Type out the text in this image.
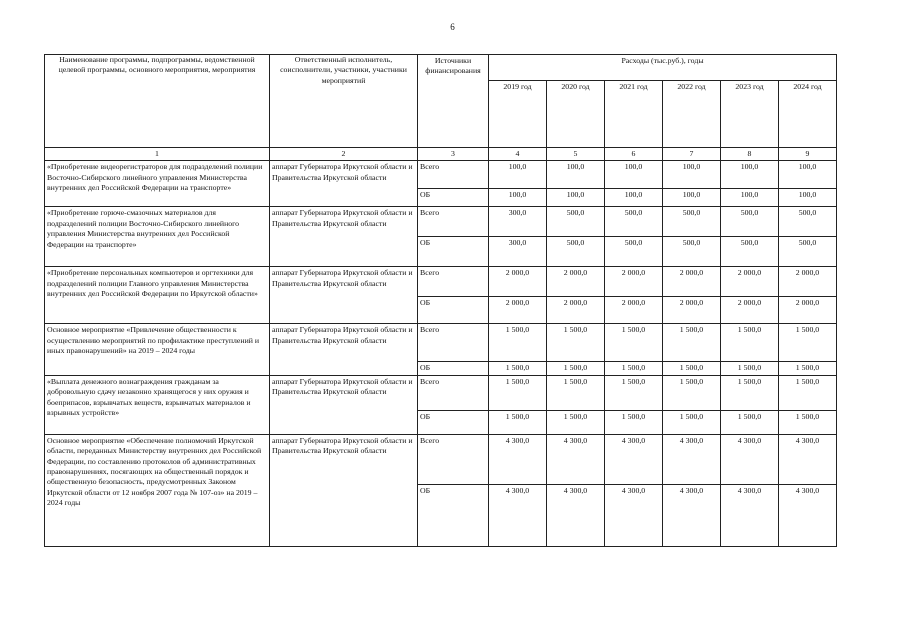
6
Наименование программы, подпрограммы, ведомственной целевой программы, основного мероприятия, мероприятия	Ответственный исполнитель, соисполнители, участники, участники мероприятий	Источники финансирования	Расходы (тыс.руб.), годы					
			2019 год	2020 год	2021 год	2022 год	2023 год	2024 год
1	2	3	4	5	6	7	8	9
«Приобретение видеорегистраторов для подразделений полиции Восточно-Сибирского линейного управления Министерства внутренних дел Российской Федерации на транспорте»	аппарат Губернатора Иркутской области и Правительства Иркутской области	Всего	100,0	100,0	100,0	100,0	100,0	100,0
		ОБ	100,0	100,0	100,0	100,0	100,0	100,0
«Приобретение горюче-смазочных материалов для подразделений полиции Восточно-Сибирского линейного управления Министерства внутренних дел Российской Федерации на транспорте»	аппарат Губернатора Иркутской области и Правительства Иркутской области	Всего	300,0	500,0	500,0	500,0	500,0	500,0
		ОБ	300,0	500,0	500,0	500,0	500,0	500,0
«Приобретение персональных компьютеров и оргтехники для подразделений полиции Главного управления Министерства внутренних дел Российской Федерации по Иркутской области»	аппарат Губернатора Иркутской области и Правительства Иркутской области	Всего	2 000,0	2 000,0	2 000,0	2 000,0	2 000,0	2 000,0
		ОБ	2 000,0	2 000,0	2 000,0	2 000,0	2 000,0	2 000,0
Основное мероприятие «Привлечение общественности к осуществлению мероприятий по профилактике преступлений и иных правонарушений» на 2019 – 2024 годы	аппарат Губернатора Иркутской области и Правительства Иркутской области	Всего	1 500,0	1 500,0	1 500,0	1 500,0	1 500,0	1 500,0
		ОБ	1 500,0	1 500,0	1 500,0	1 500,0	1 500,0	1 500,0
«Выплата денежного вознаграждения гражданам за добровольную сдачу незаконно хранящегося у них оружия и боеприпасов, взрывчатых веществ, взрывчатых материалов и взрывных устройств»	аппарат Губернатора Иркутской области и Правительства Иркутской области	Всего	1 500,0	1 500,0	1 500,0	1 500,0	1 500,0	1 500,0
		ОБ	1 500,0	1 500,0	1 500,0	1 500,0	1 500,0	1 500,0
Основное мероприятие «Обеспечение полномочий Иркутской области, переданных Министерству внутренних дел Российской Федерации, по составлению протоколов об административных правонарушениях, посягающих на общественный порядок и общественную безопасность, предусмотренных Законом Иркутской области от 12 ноября 2007 года № 107-оз» на 2019 – 2024 годы	аппарат Губернатора Иркутской области и Правительства Иркутской области	Всего	4 300,0	4 300,0	4 300,0	4 300,0	4 300,0	4 300,0
		ОБ	4 300,0	4 300,0	4 300,0	4 300,0	4 300,0	4 300,0
